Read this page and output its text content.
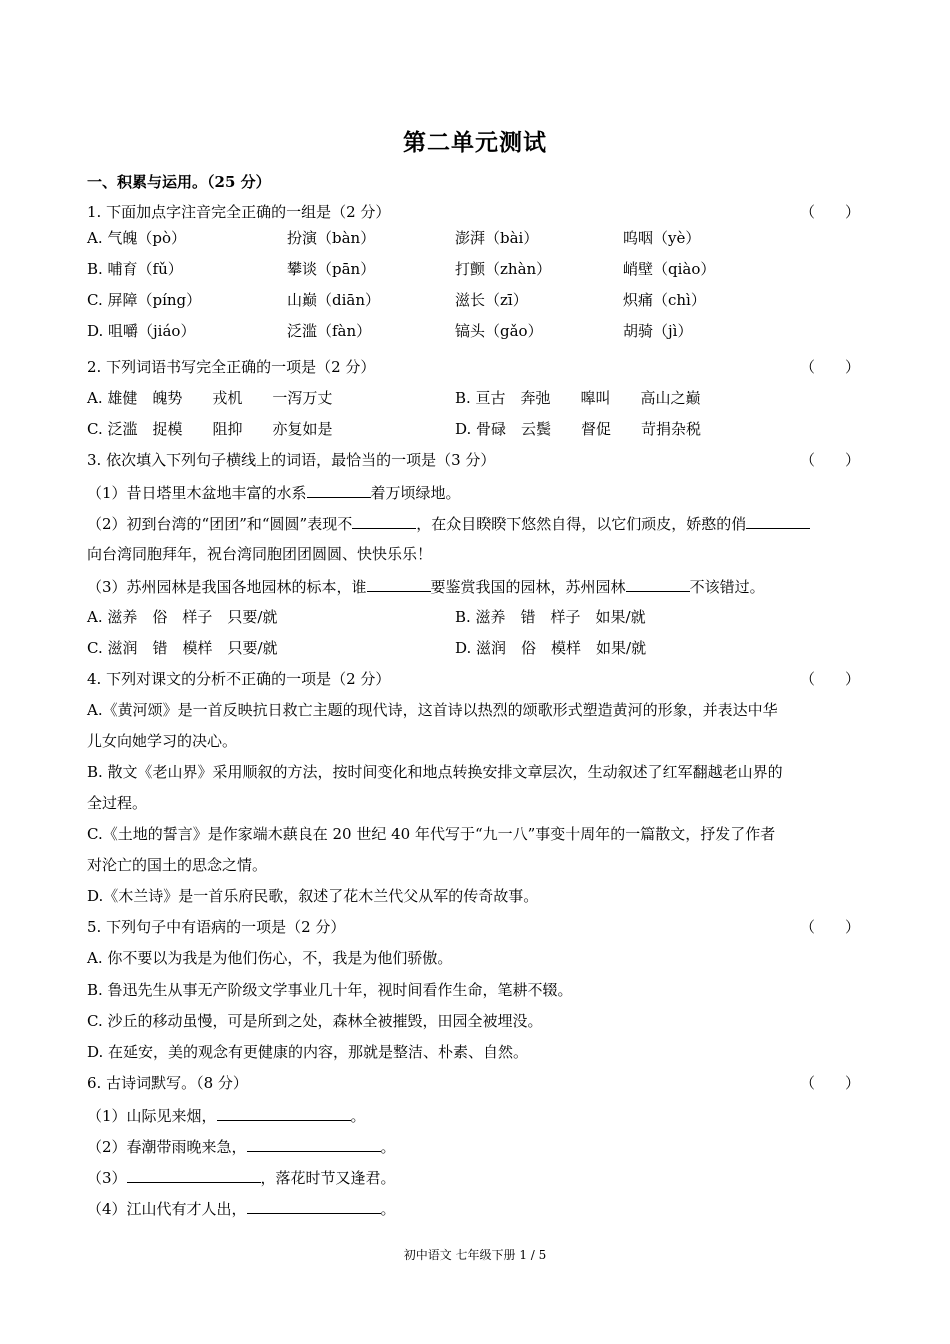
第二单元测试
一、积累与运用。（25 分）
1. 下面加点字注音完全正确的一组是（2 分）	（　　）
A. 气魄（pò）	扮演（bàn）	澎湃（bài）	呜咽（yè）
B. 哺育（fǔ）	攀谈（pān）	打颤（zhàn）	峭壁（qiào）
C. 屏障（píng）	山巅（diān）	滋长（zī）	炽痛（chì）
D. 咀嚼（jiáo）	泛滥（fàn）	镐头（gǎo）	胡骑（jì）
2. 下列词语书写完全正确的一项是（2 分）	（　　）
A. 雄健　魄势　　戎机　　一泻万丈	B. 亘古　奔弛　　嗥叫　　高山之巅
C. 泛滥　捉模　　阻抑　　亦复如是	D. 骨碌　云鬓　　督促　　苛捐杂税
3. 依次填入下列句子横线上的词语，最恰当的一项是（3 分）	（　　）
（1）昔日塔里木盆地丰富的水系	着万顷绿地。
（2）初到台湾的“团团”和“圆圆”表现不	，在众目睽睽下悠然自得，以它们顽皮，娇憨的俏
向台湾同胞拜年，祝台湾同胞团团圆圆、快快乐乐！
（3）苏州园林是我国各地园林的标本，谁	要鉴赏我国的园林，苏州园林	不该错过。
A. 滋养　俗　样子　只要/就	B. 滋养　错　样子　如果/就
C. 滋润　错　模样　只要/就	D. 滋润　俗　模样　如果/就
4. 下列对课文的分析不正确的一项是（2 分）	（　　）
A.《黄河颂》是一首反映抗日救亡主题的现代诗，这首诗以热烈的颂歌形式塑造黄河的形象，并表达中华
儿女向她学习的决心。
B. 散文《老山界》采用顺叙的方法，按时间变化和地点转换安排文章层次，生动叙述了红军翻越老山界的
全过程。
C.《土地的誓言》是作家端木蕻良在 20 世纪 40 年代写于“九一八”事变十周年的一篇散文，抒发了作者
对沦亡的国土的思念之情。
D.《木兰诗》是一首乐府民歌，叙述了花木兰代父从军的传奇故事。
5. 下列句子中有语病的一项是（2 分）	（　　）
A. 你不要以为我是为他们伤心，不，我是为他们骄傲。
B. 鲁迅先生从事无产阶级文学事业几十年，视时间看作生命，笔耕不辍。
C. 沙丘的移动虽慢，可是所到之处，森林全被摧毁，田园全被埋没。
D. 在延安，美的观念有更健康的内容，那就是整洁、朴素、自然。
6. 古诗词默写。（8 分）	（　　）
（1）山际见来烟，	。
（2）春潮带雨晚来急，	。
（3）	，落花时节又逢君。
（4）江山代有才人出，	。
初中语文 七年级下册 1 / 5
